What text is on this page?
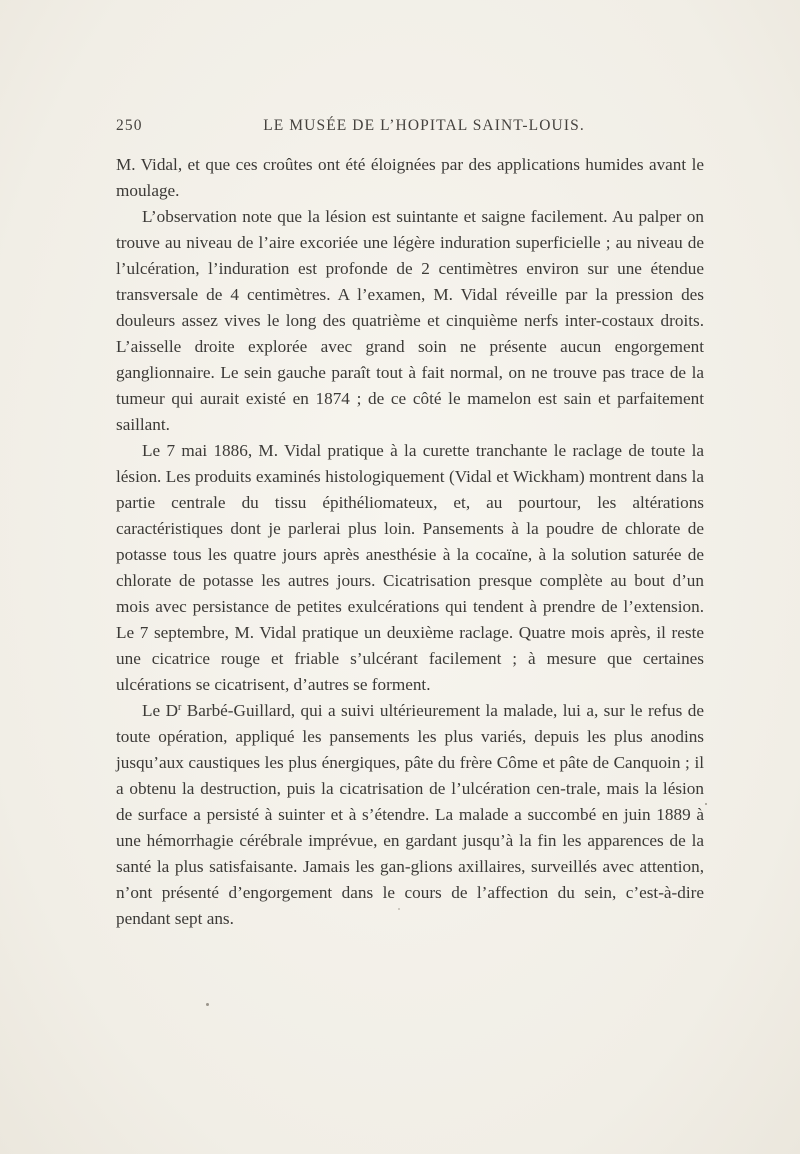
250	LE MUSÉE DE L’HOPITAL SAINT-LOUIS.

M. Vidal, et que ces croûtes ont été éloignées par des applications humides avant le moulage.

L’observation note que la lésion est suintante et saigne facilement. Au palper on trouve au niveau de l’aire excoriée une légère induration superficielle ; au niveau de l’ulcération, l’induration est profonde de 2 centimètres environ sur une étendue transversale de 4 centimètres. A l’examen, M. Vidal réveille par la pression des douleurs assez vives le long des quatrième et cinquième nerfs inter-costaux droits. L’aisselle droite explorée avec grand soin ne présente aucun engorgement ganglionnaire. Le sein gauche paraît tout à fait normal, on ne trouve pas trace de la tumeur qui aurait existé en 1874 ; de ce côté le mamelon est sain et parfaitement saillant.

Le 7 mai 1886, M. Vidal pratique à la curette tranchante le raclage de toute la lésion. Les produits examinés histologiquement (Vidal et Wickham) montrent dans la partie centrale du tissu épithéliomateux, et, au pourtour, les altérations caractéristiques dont je parlerai plus loin. Pansements à la poudre de chlorate de potasse tous les quatre jours après anesthésie à la cocaïne, à la solution saturée de chlorate de potasse les autres jours. Cicatrisation presque complète au bout d’un mois avec persistance de petites exulcérations qui tendent à prendre de l’extension. Le 7 septembre, M. Vidal pratique un deuxième raclage. Quatre mois après, il reste une cicatrice rouge et friable s’ulcérant facilement ; à mesure que certaines ulcérations se cicatrisent, d’autres se forment.

Le $D^r$ Barbé-Guillard, qui a suivi ultérieurement la malade, lui a, sur le refus de toute opération, appliqué les pansements les plus variés, depuis les plus anodins jusqu’aux caustiques les plus énergiques, pâte du frère Côme et pâte de Canquoin ; il a obtenu la destruction, puis la cicatrisation de l’ulcération cen-trale, mais la lésion de surface a persisté à suinter et à s’étendre. La malade a succombé en juin 1889 à une hémorrhagie cérébrale imprévue, en gardant jusqu’à la fin les apparences de la santé la plus satisfaisante. Jamais les gan-glions axillaires, surveillés avec attention, n’ont présenté d’engorgement dans le cours de l’affection du sein, c’est-à-dire pendant sept ans.
